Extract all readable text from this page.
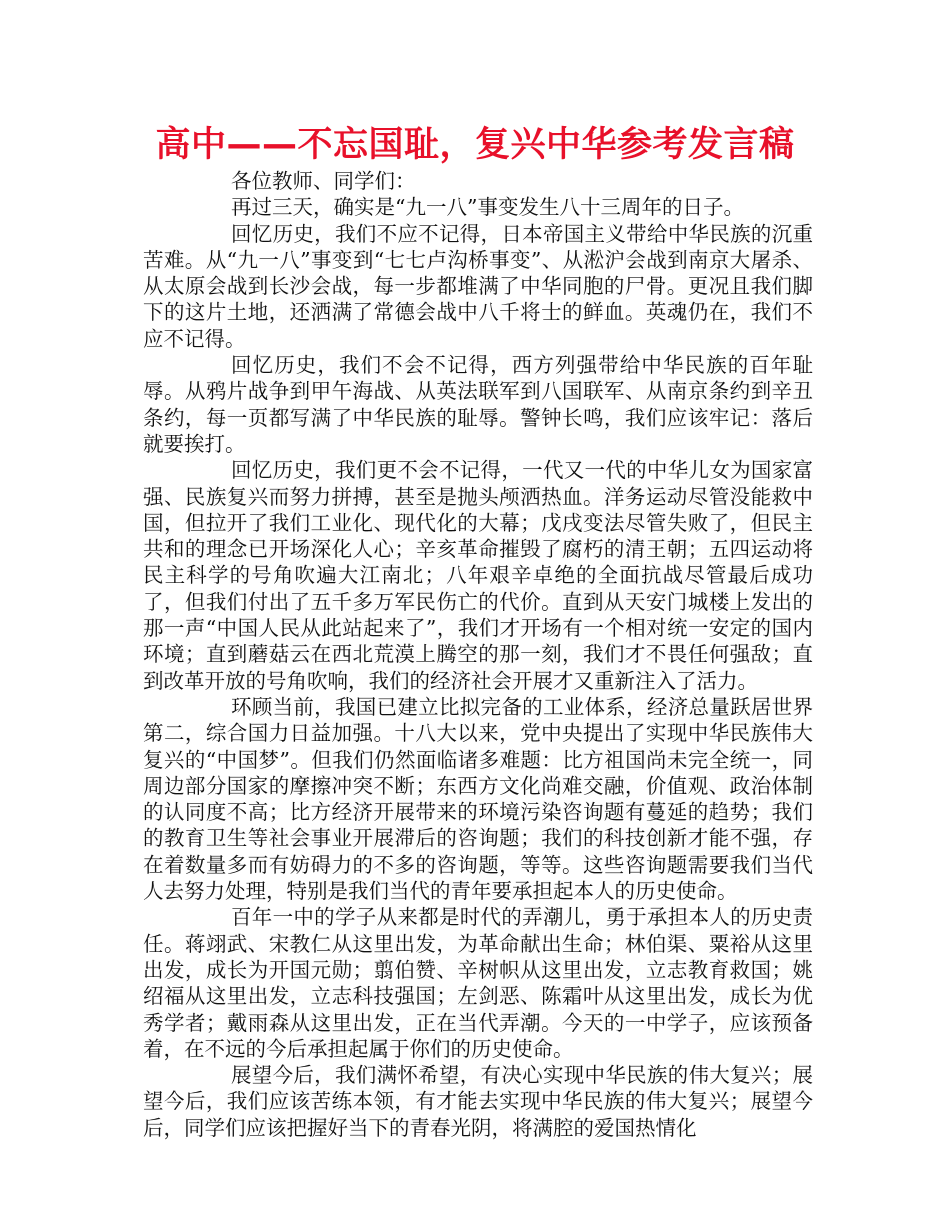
高中——不忘国耻，复兴中华参考发言稿

各位教师、同学们：

再过三天，确实是“九一八”事变发生八十三周年的日子。

回忆历史，我们不应不记得，日本帝国主义带给中华民族的沉重苦难。从“九一八”事变到“七七卢沟桥事变”、从淞沪会战到南京大屠杀、从太原会战到长沙会战，每一步都堆满了中华同胞的尸骨。更况且我们脚下的这片土地，还洒满了常德会战中八千将士的鲜血。英魂仍在，我们不应不记得。

回忆历史，我们不会不记得，西方列强带给中华民族的百年耻辱。从鸦片战争到甲午海战、从英法联军到八国联军、从南京条约到辛丑条约，每一页都写满了中华民族的耻辱。警钟长鸣，我们应该牢记：落后就要挨打。

回忆历史，我们更不会不记得，一代又一代的中华儿女为国家富强、民族复兴而努力拼搏，甚至是抛头颅洒热血。洋务运动尽管没能救中国，但拉开了我们工业化、现代化的大幕；戊戌变法尽管失败了，但民主共和的理念已开场深化人心；辛亥革命摧毁了腐朽的清王朝；五四运动将民主科学的号角吹遍大江南北；八年艰辛卓绝的全面抗战尽管最后成功了，但我们付出了五千多万军民伤亡的代价。直到从天安门城楼上发出的那一声“中国人民从此站起来了”，我们才开场有一个相对统一安定的国内环境；直到蘑菇云在西北荒漠上腾空的那一刻，我们才不畏任何强敌；直到改革开放的号角吹响，我们的经济社会开展才又重新注入了活力。

环顾当前，我国已建立比拟完备的工业体系，经济总量跃居世界第二，综合国力日益加强。十八大以来，党中央提出了实现中华民族伟大复兴的“中国梦”。但我们仍然面临诸多难题：比方祖国尚未完全统一，同周边部分国家的摩擦冲突不断；东西方文化尚难交融，价值观、政治体制的认同度不高；比方经济开展带来的环境污染咨询题有蔓延的趋势；我们的教育卫生等社会事业开展滞后的咨询题；我们的科技创新才能不强，存在着数量多而有妨碍力的不多的咨询题，等等。这些咨询题需要我们当代人去努力处理，特别是我们当代的青年要承担起本人的历史使命。

百年一中的学子从来都是时代的弄潮儿，勇于承担本人的历史责任。蒋翊武、宋教仁从这里出发，为革命献出生命；林伯渠、粟裕从这里出发，成长为开国元勋；翦伯赞、辛树帜从这里出发，立志教育救国；姚绍福从这里出发，立志科技强国；左剑恶、陈霜叶从这里出发，成长为优秀学者；戴雨森从这里出发，正在当代弄潮。今天的一中学子，应该预备着，在不远的今后承担起属于你们的历史使命。

展望今后，我们满怀希望，有决心实现中华民族的伟大复兴；展望今后，我们应该苦练本领，有才能去实现中华民族的伟大复兴；展望今后，同学们应该把握好当下的青春光阴，将满腔的爱国热情化
